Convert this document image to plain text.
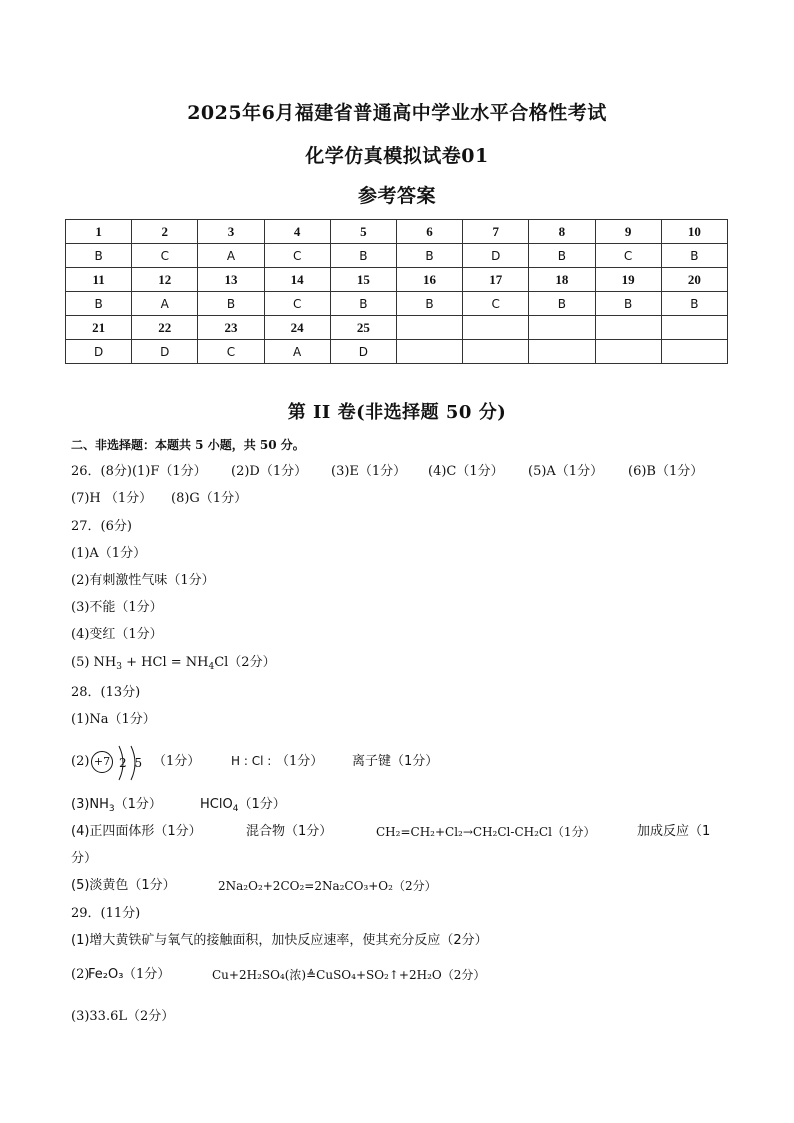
2025年6月福建省普通高中学业水平合格性考试
化学仿真模拟试卷01
参考答案
1	2	3	4	5	6	7	8	9	10
B	C	A	C	B	B	D	B	C	B
11	12	13	14	15	16	17	18	19	20
B	A	B	C	B	B	C	B	B	B
21	22	23	24	25					
D	D	C	A	D					
第 II 卷(非选择题 50 分)
二、非选择题：本题共 5 小题，共 50 分。
26．(8分)(1)F（1分） (2)D（1分） (3)E（1分） (4)C（1分） (5)A（1分） (6)B（1分）
(7)H （1分） (8)G（1分）
27．(6分)
(1)A（1分）
(2)有刺激性气味（1分）
(3)不能（1分）
(4)变红（1分）
(5) $NH_3$ + HCl = $NH_4Cl(2$分）
28．(13分)
(1)Na（1分）
(2) +7 2 5 （1分）	H : Cl : （1分） 离子键（1分）
$(3)NH_3(1$分）	HClO$_4$（1分）
(4)正四面体形（1分）	混合物（1分）	CH₂=CH₂+Cl₂→CH₂Cl-CH₂Cl（1分）	加成反应（1
分）
(5)淡黄色（1分）	2Na₂O₂+2CO₂=2Na₂CO₃+O₂（2分）
29．(11分)
(1)增大黄铁矿与氧气的接触面积，加快反应速率，使其充分反应（2分）
(2)
Fe₂O₃ （1分）	Cu+2H₂SO₄(浓)≜CuSO₄+SO₂↑+2H₂O（2分）
(3)33.6L（2分）
